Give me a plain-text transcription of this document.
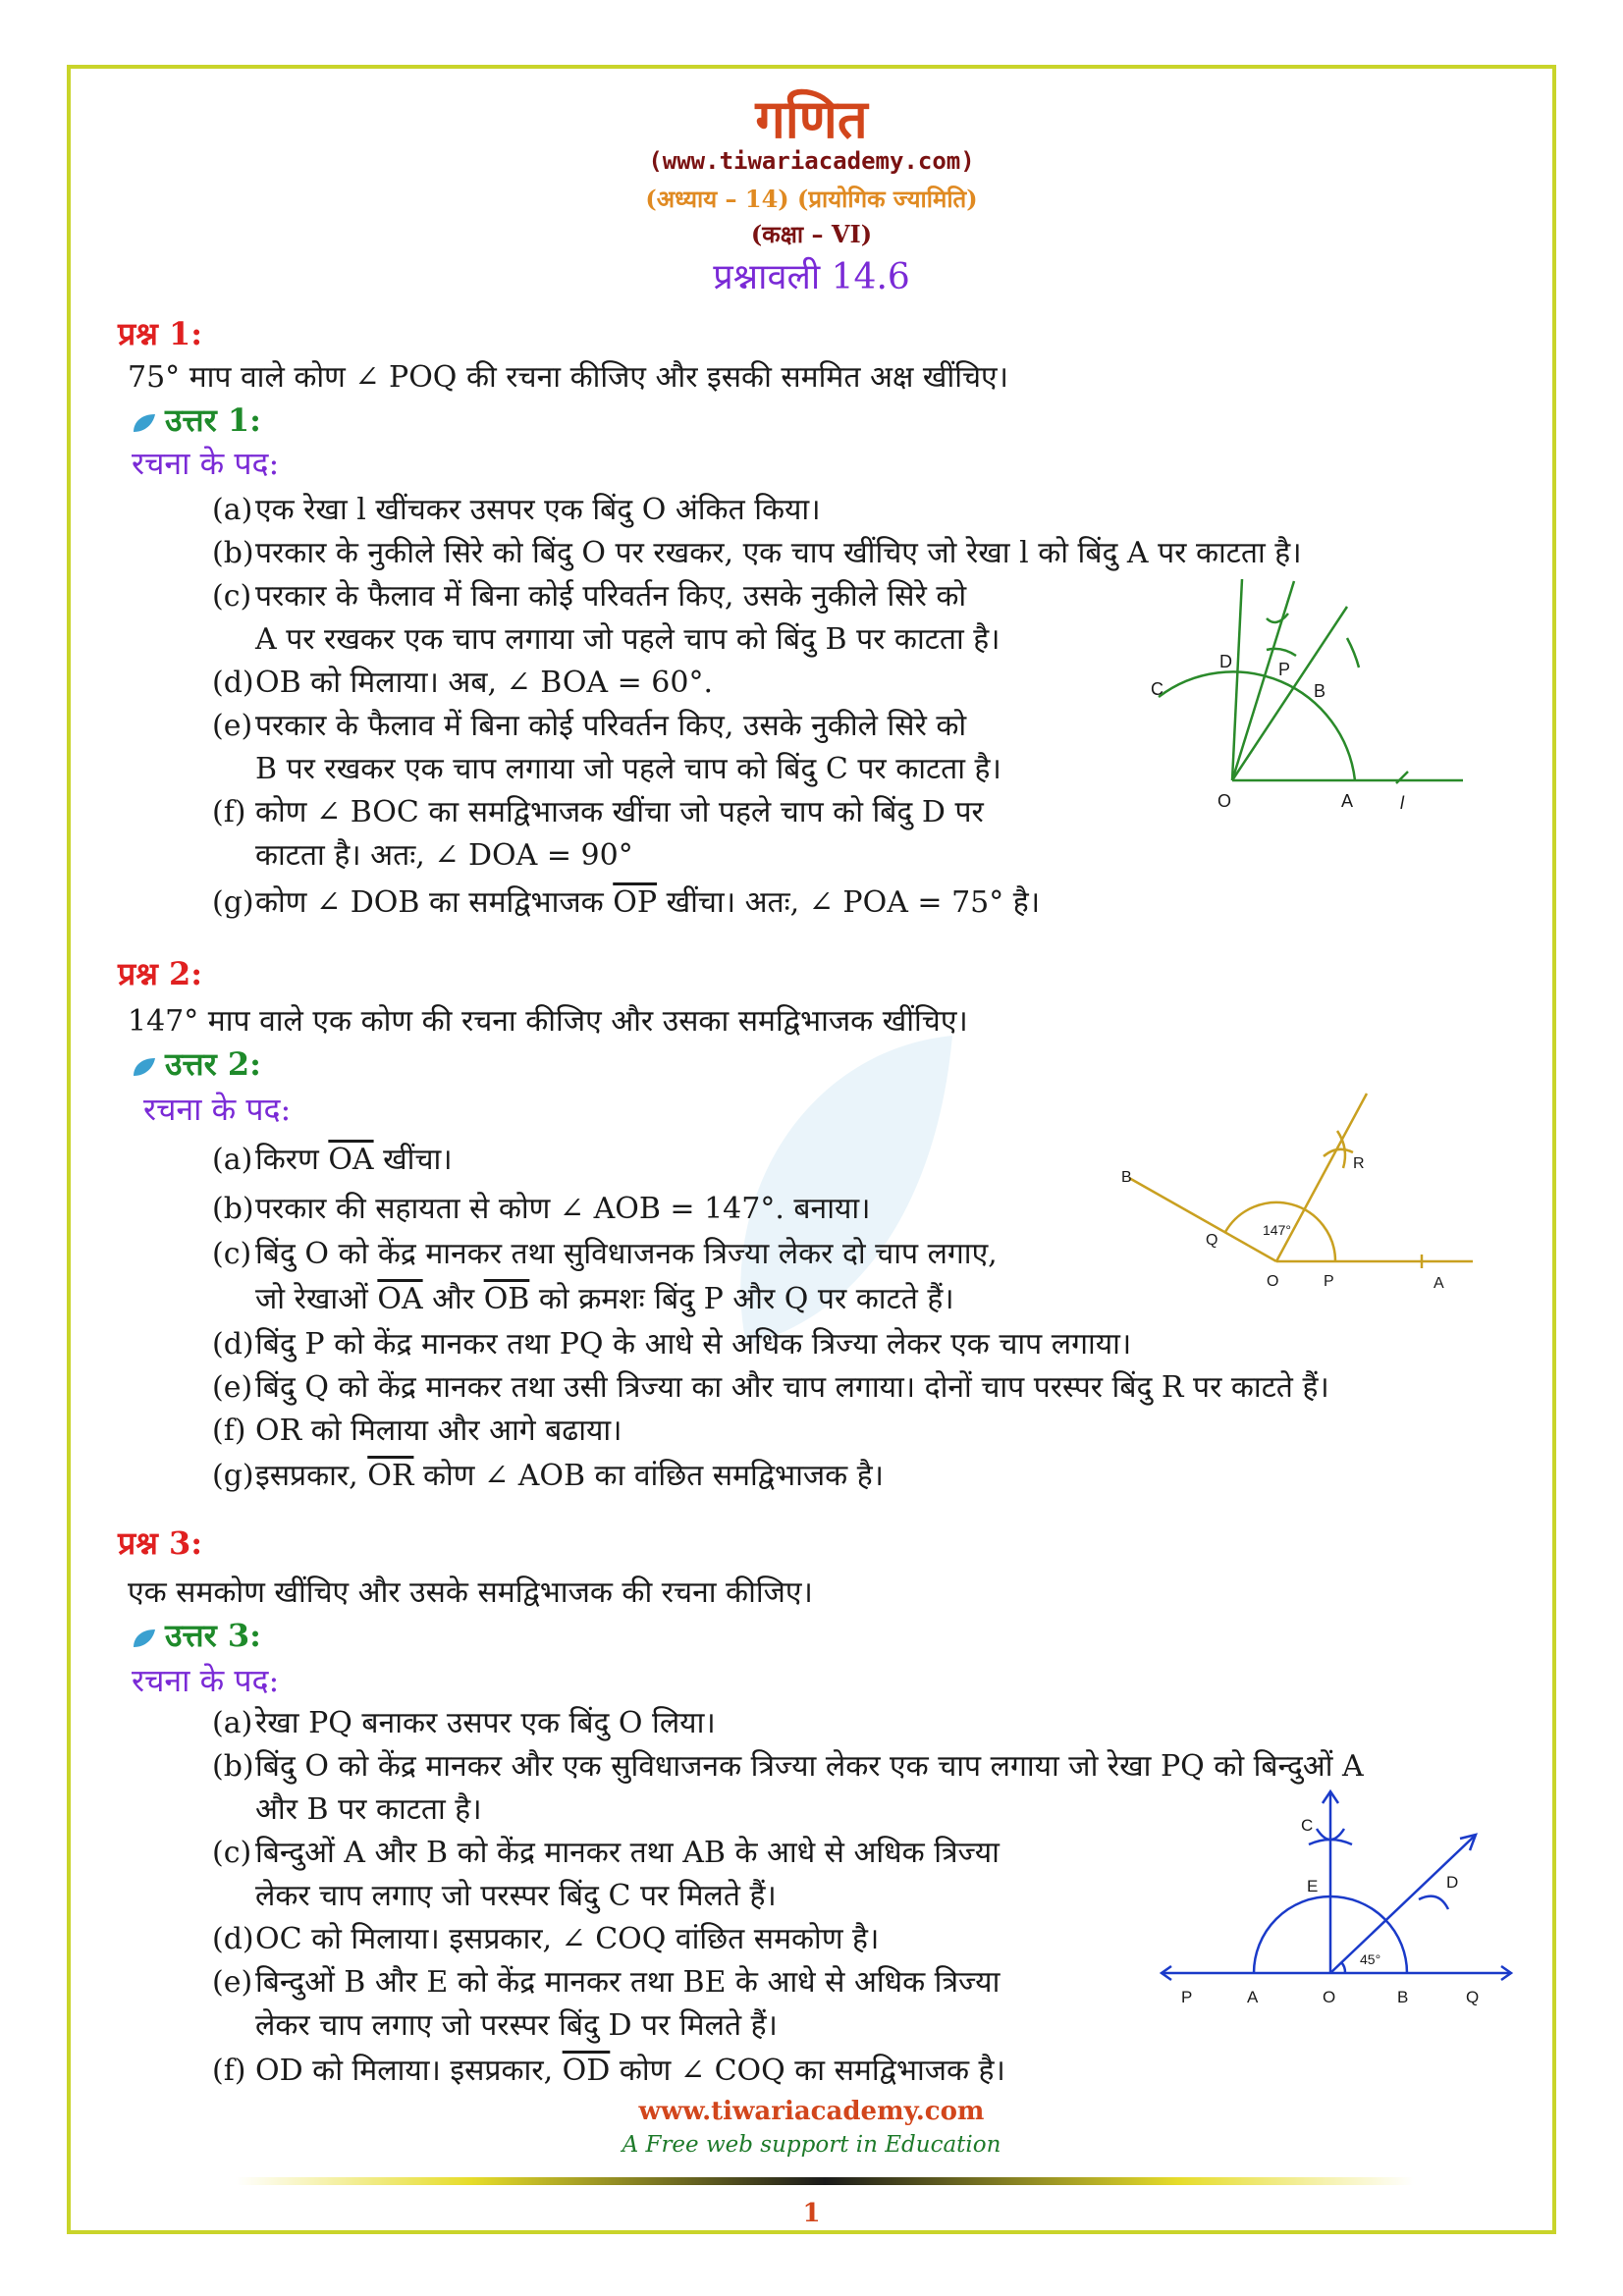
गणित
(www.tiwariacademy.com)
(अध्याय – 14) (प्रायोगिक ज्यामिति)
(कक्षा – VI)
प्रश्नावली 14.6
प्रश्न 1:
75° माप वाले कोण ∠ POQ की रचना कीजिए और इसकी सममित अक्ष खींचिए।
उत्तर 1:
रचना के पद:
(a)एक रेखा l खींचकर उसपर एक बिंदु O अंकित किया।
(b)परकार के नुकीले सिरे को बिंदु O पर रखकर, एक चाप खींचिए जो रेखा l को बिंदु A पर काटता है।
(c) परकार के फैलाव में बिना कोई परिवर्तन किए, उसके नुकीले सिरे को
A पर रखकर एक चाप लगाया जो पहले चाप को बिंदु B पर काटता है।
(d)OB को मिलाया। अब, ∠ BOA = 60°.
(e)परकार के फैलाव में बिना कोई परिवर्तन किए, उसके नुकीले सिरे को
B पर रखकर एक चाप लगाया जो पहले चाप को बिंदु C पर काटता है।
(f) कोण ∠ BOC का समद्विभाजक खींचा जो पहले चाप को बिंदु D पर
काटता है। अतः, ∠ DOA = 90°
(g)कोण ∠ DOB का समद्विभाजक $\overline{OP}$ खींचा। अतः, ∠ POA = 75° है।
O	A	l
B
P
D
C
प्रश्न 2:
147° माप वाले एक कोण की रचना कीजिए और उसका समद्विभाजक खींचिए।
उत्तर 2:
रचना के पद:
(a)किरण $\overline{OA}$ खींचा।
(b)परकार की सहायता से कोण ∠ AOB = 147°. बनाया।
(c) बिंदु O को केंद्र मानकर तथा सुविधाजनक त्रिज्या लेकर दो चाप लगाए,
जो रेखाओं $\overline{OA}$ और $\overline{OB}$ को क्रमशः बिंदु P और Q पर काटते हैं।
(d)बिंदु P को केंद्र मानकर तथा PQ के आधे से अधिक त्रिज्या लेकर एक चाप लगाया।
(e)बिंदु Q को केंद्र मानकर तथा उसी त्रिज्या का और चाप लगाया। दोनों चाप परस्पर बिंदु R पर काटते हैं।
(f) OR को मिलाया और आगे बढाया।
(g)इसप्रकार, $\overline{OR}$ कोण ∠ AOB का वांछित समद्विभाजक है।
O	P	A
B
Q
R
147°
प्रश्न 3:
एक समकोण खींचिए और उसके समद्विभाजक की रचना कीजिए।
उत्तर 3:
रचना के पद:
(a)रेखा PQ बनाकर उसपर एक बिंदु O लिया।
(b)बिंदु O को केंद्र मानकर और एक सुविधाजनक त्रिज्या लेकर एक चाप लगाया जो रेखा PQ को बिन्दुओं A
और B पर काटता है।
(c) बिन्दुओं A और B को केंद्र मानकर तथा AB के आधे से अधिक त्रिज्या
लेकर चाप लगाए जो परस्पर बिंदु C पर मिलते हैं।
(d)OC को मिलाया। इसप्रकार, ∠ COQ वांछित समकोण है।
(e)बिन्दुओं B और E को केंद्र मानकर तथा BE के आधे से अधिक त्रिज्या
लेकर चाप लगाए जो परस्पर बिंदु D पर मिलते हैं।
(f) OD को मिलाया। इसप्रकार, $\overline{OD}$ कोण ∠ COQ का समद्विभाजक है।
P	A	O	B	Q
C
E	D
45°
www.tiwariacademy.com
A Free web support in Education
1
